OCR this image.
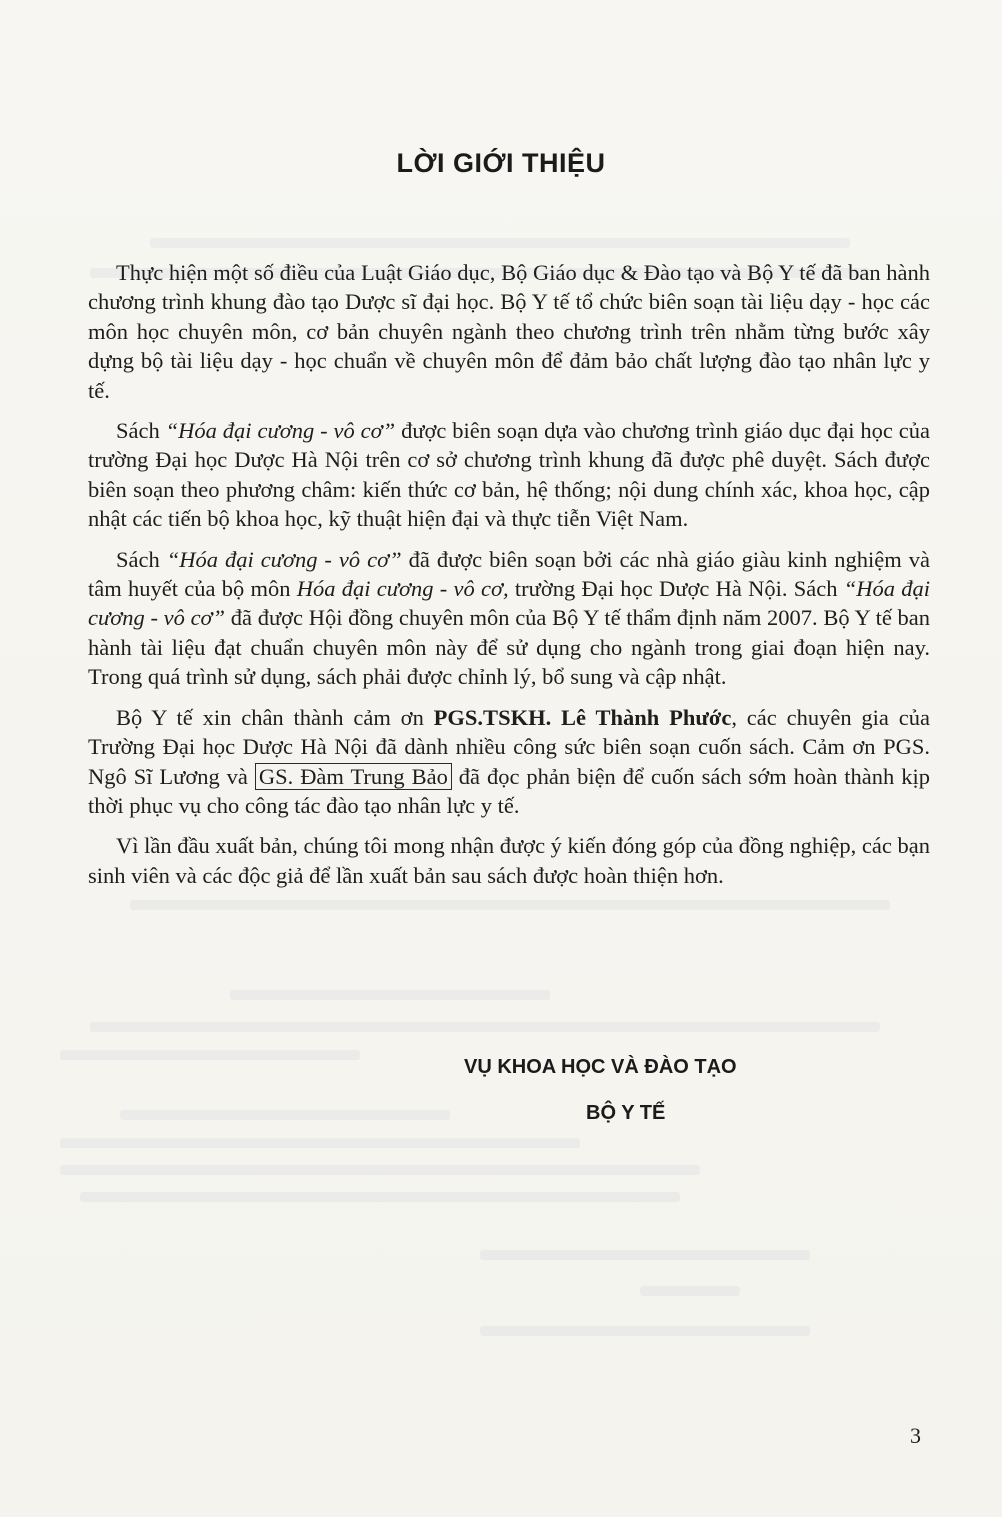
LỜI GIỚI THIỆU

Thực hiện một số điều của Luật Giáo dục, Bộ Giáo dục & Đào tạo và Bộ Y tế đã ban hành chương trình khung đào tạo Dược sĩ đại học. Bộ Y tế tổ chức biên soạn tài liệu dạy - học các môn học chuyên môn, cơ bản chuyên ngành theo chương trình trên nhằm từng bước xây dựng bộ tài liệu dạy - học chuẩn về chuyên môn để đảm bảo chất lượng đào tạo nhân lực y tế.

Sách “Hóa đại cương - vô cơ” được biên soạn dựa vào chương trình giáo dục đại học của trường Đại học Dược Hà Nội trên cơ sở chương trình khung đã được phê duyệt. Sách được biên soạn theo phương châm: kiến thức cơ bản, hệ thống; nội dung chính xác, khoa học, cập nhật các tiến bộ khoa học, kỹ thuật hiện đại và thực tiễn Việt Nam.

Sách “Hóa đại cương - vô cơ” đã được biên soạn bởi các nhà giáo giàu kinh nghiệm và tâm huyết của bộ môn Hóa đại cương - vô cơ, trường Đại học Dược Hà Nội. Sách “Hóa đại cương - vô cơ” đã được Hội đồng chuyên môn của Bộ Y tế thẩm định năm 2007. Bộ Y tế ban hành tài liệu đạt chuẩn chuyên môn này để sử dụng cho ngành trong giai đoạn hiện nay. Trong quá trình sử dụng, sách phải được chỉnh lý, bổ sung và cập nhật.

Bộ Y tế xin chân thành cảm ơn PGS.TSKH. Lê Thành Phước, các chuyên gia của Trường Đại học Dược Hà Nội đã dành nhiều công sức biên soạn cuốn sách. Cảm ơn PGS. Ngô Sĩ Lương và GS. Đàm Trung Bảo đã đọc phản biện để cuốn sách sớm hoàn thành kịp thời phục vụ cho công tác đào tạo nhân lực y tế.

Vì lần đầu xuất bản, chúng tôi mong nhận được ý kiến đóng góp của đồng nghiệp, các bạn sinh viên và các độc giả để lần xuất bản sau sách được hoàn thiện hơn.

VỤ KHOA HỌC VÀ ĐÀO TẠO
BỘ Y TẾ
3
